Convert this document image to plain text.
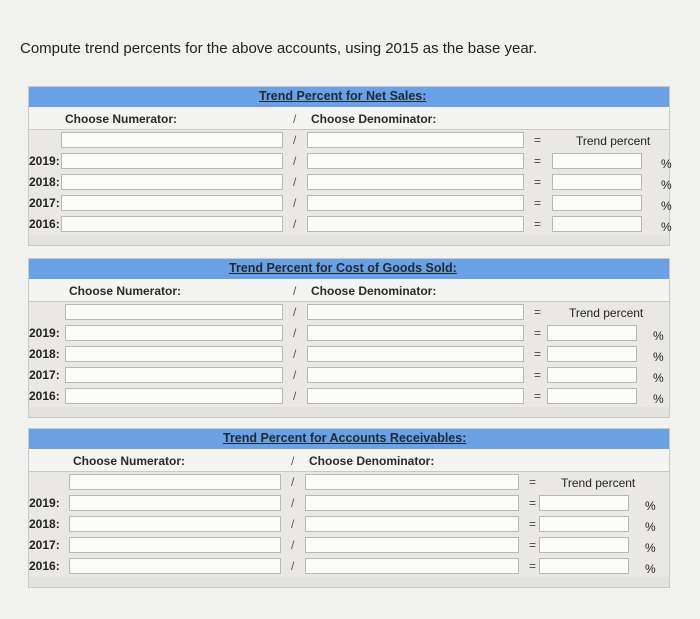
Compute trend percents for the above accounts, using 2015 as the base year.
Trend Percent for Net Sales:
Choose Numerator:	/ Choose Denominator:
/	=	Trend percent
2019:	/	=	%
2018:	/	=	%
2017:	/	=	%
2016:	/	=	%
Trend Percent for Cost of Goods Sold:
Choose Numerator:	/ Choose Denominator:
/	= Trend percent
2019:	/	=	%
2018:	/	=	%
2017:	/	=	%
2016:	/	=	%
Trend Percent for Accounts Receivables:
Choose Numerator:	/ Choose Denominator:
/	= Trend percent
2019:	/	=	%
2018:	/	=	%
2017:	/	=	%
2016:	/	=	%
